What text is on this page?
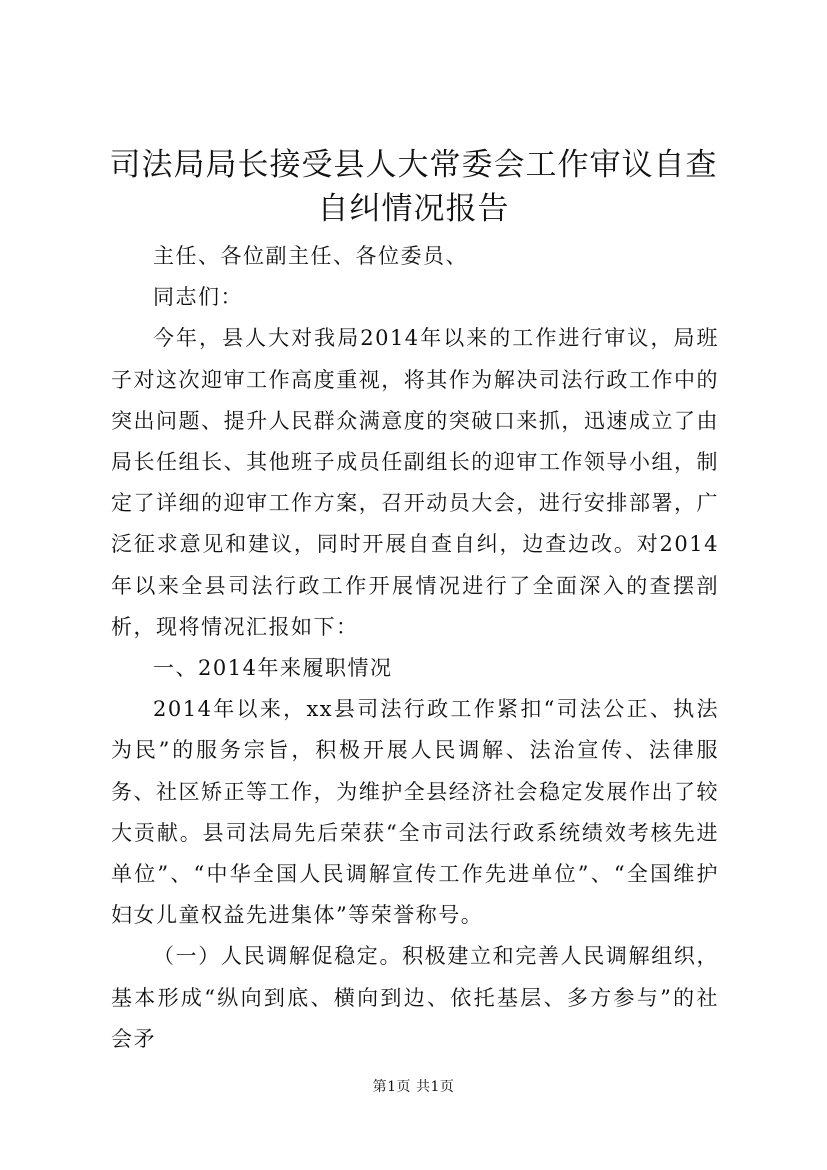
司法局局长接受县人大常委会工作审议自查自纠情况报告

主任、各位副主任、各位委员、

同志们：

今年，县人大对我局2014年以来的工作进行审议，局班子对这次迎审工作高度重视，将其作为解决司法行政工作中的突出问题、提升人民群众满意度的突破口来抓，迅速成立了由局长任组长、其他班子成员任副组长的迎审工作领导小组，制定了详细的迎审工作方案，召开动员大会，进行安排部署，广泛征求意见和建议，同时开展自查自纠，边查边改。对2014年以来全县司法行政工作开展情况进行了全面深入的查摆剖析，现将情况汇报如下：

一、2014年来履职情况

2014年以来，xx县司法行政工作紧扣“司法公正、执法为民”的服务宗旨，积极开展人民调解、法治宣传、法律服务、社区矫正等工作，为维护全县经济社会稳定发展作出了较大贡献。县司法局先后荣获“全市司法行政系统绩效考核先进单位”、“中华全国人民调解宣传工作先进单位”、“全国维护妇女儿童权益先进集体”等荣誉称号。

（一）人民调解促稳定。积极建立和完善人民调解组织，基本形成“纵向到底、横向到边、依托基层、多方参与”的社会矛

第1页 共1页
